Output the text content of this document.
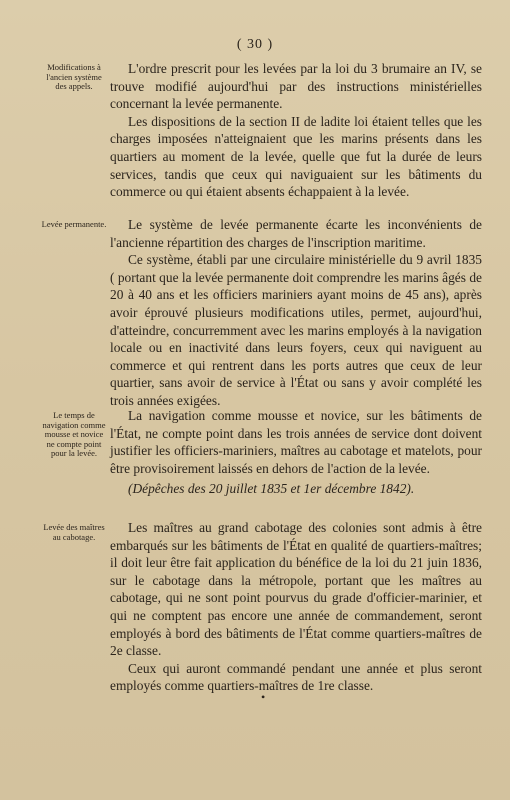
( 30 )
Modifications à l'ancien système des appels.

L'ordre prescrit pour les levées par la loi du 3 brumaire an IV, se trouve modifié aujourd'hui par des instructions ministérielles concernant la levée permanente.

Les dispositions de la section II de ladite loi étaient telles que les charges imposées n'atteignaient que les marins présents dans les quartiers au moment de la levée, quelle que fut la durée de leurs services, tandis que ceux qui naviguaient sur les bâtiments du commerce ou qui étaient absents échappaient à la levée.

Levée permanente.	Le système de levée permanente écarte les inconvénients de l'ancienne répartition des charges de l'inscription maritime.

Ce système, établi par une circulaire ministérielle du 9 avril 1835 ( portant que la levée permanente doit comprendre les marins âgés de 20 à 40 ans et les officiers mariniers ayant moins de 45 ans), après avoir éprouvé plusieurs modifications utiles, permet, aujourd'hui, d'atteindre, concurremment avec les marins employés à la navigation locale ou en inactivité dans leurs foyers, ceux qui naviguent au commerce et qui rentrent dans les ports autres que ceux de leur quartier, sans avoir de service à l'État ou sans y avoir complété les trois années exigées.

Le temps de navigation comme mousse et novice ne compte point pour la levée.

La navigation comme mousse et novice, sur les bâtiments de l'État, ne compte point dans les trois années de service dont doivent justifier les officiers-mariniers, maîtres au cabotage et matelots, pour être provisoirement laissés en dehors de l'action de la levée.

(Dépêches des 20 juillet 1835 et 1er décembre 1842).

Levée des maîtres au cabotage.

Les maîtres au grand cabotage des colonies sont admis à être embarqués sur les bâtiments de l'État en qualité de quartiers-maîtres; il doit leur être fait application du bénéfice de la loi du 21 juin 1836, sur le cabotage dans la métropole, portant que les maîtres au cabotage, qui ne sont point pourvus du grade d'officier-marinier, et qui ne comptent pas encore une année de commandement, seront employés à bord des bâtiments de l'État comme quartiers-maîtres de 2e classe.

Ceux qui auront commandé pendant une année et plus seront employés comme quartiers-maîtres de 1re classe.

•
